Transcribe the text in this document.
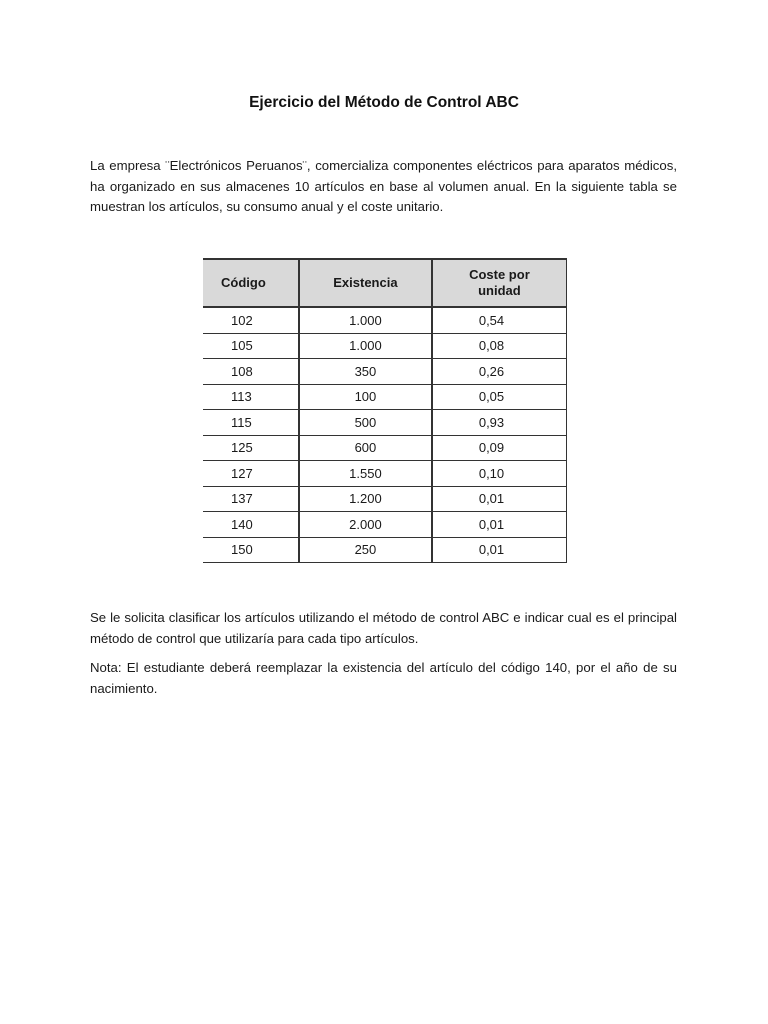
Ejercicio del Método de Control ABC

La empresa ¨Electrónicos Peruanos¨, comercializa componentes eléctricos para aparatos médicos, ha organizado en sus almacenes 10 artículos en base al volumen anual. En la siguiente tabla se muestran los artículos, su consumo anual y el coste unitario.

Código	Existencia	Coste por
unidad
102	1.000	0,54
105	1.000	0,08
108	350	0,26
113	100	0,05
115	500	0,93
125	600	0,09
127	1.550	0,10
137	1.200	0,01
140	2.000	0,01
150	250	0,01

Se le solicita clasificar los artículos utilizando el método de control ABC e indicar cual es el principal método de control que utilizaría para cada tipo artículos.

Nota: El estudiante deberá reemplazar la existencia del artículo del código 140, por el año de su nacimiento.
